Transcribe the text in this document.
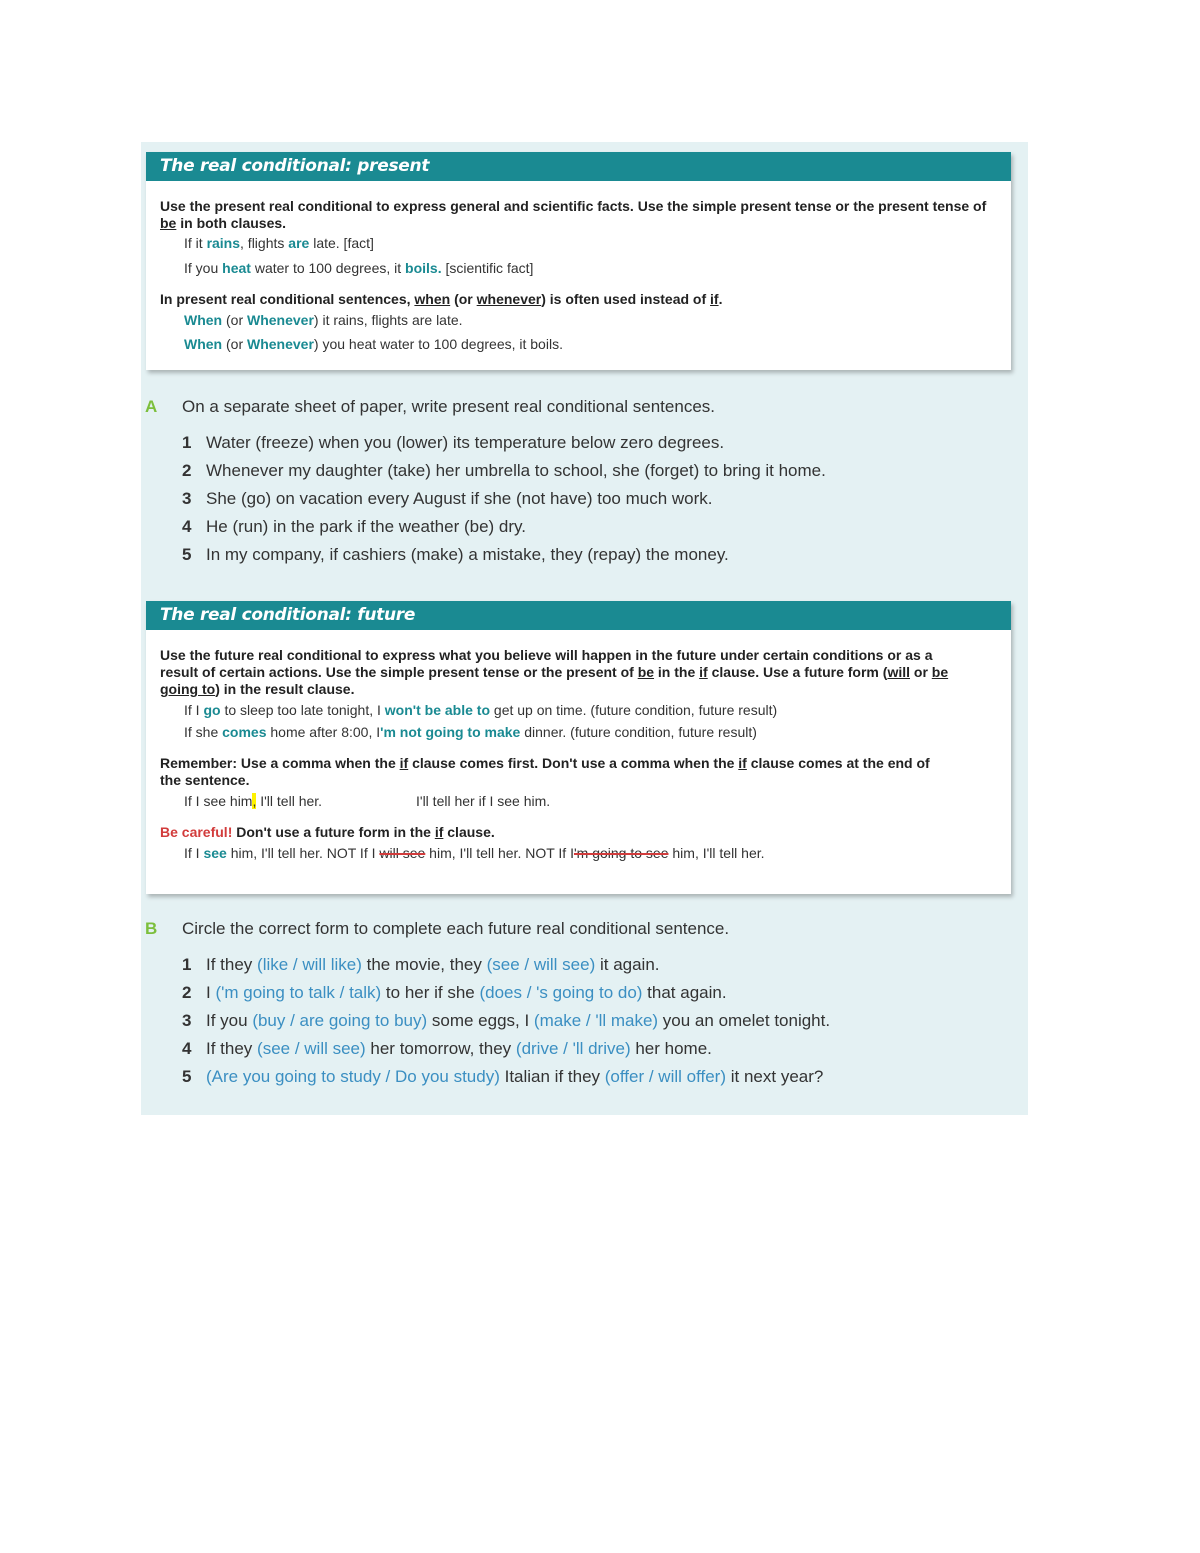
The real conditional: present

Use the present real conditional to express general and scientific facts. Use the simple present tense or the present tense of be in both clauses.

If it rains, flights are late. [fact]
If you heat water to 100 degrees, it boils. [scientific fact]

In present real conditional sentences, when (or whenever) is often used instead of if.

When (or Whenever) it rains, flights are late.
When (or Whenever) you heat water to 100 degrees, it boils.
A On a separate sheet of paper, write present real conditional sentences.
1 Water (freeze) when you (lower) its temperature below zero degrees.
2 Whenever my daughter (take) her umbrella to school, she (forget) to bring it home.
3 She (go) on vacation every August if she (not have) too much work.
4 He (run) in the park if the weather (be) dry.
5 In my company, if cashiers (make) a mistake, they (repay) the money.
The real conditional: future

Use the future real conditional to express what you believe will happen in the future under certain conditions or as a result of certain actions. Use the simple present tense or the present of be in the if clause. Use a future form (will or be going to) in the result clause.

If I go to sleep too late tonight, I won't be able to get up on time. (future condition, future result)
If she comes home after 8:00, I'm not going to make dinner. (future condition, future result)

Remember: Use a comma when the if clause comes first. Don't use a comma when the if clause comes at the end of the sentence.

If I see him, I'll tell her.	I'll tell her if I see him.

Be careful! Don't use a future form in the if clause.

If I see him, I'll tell her. NOT If I will see him, I'll tell her. NOT If I'm going to see him, I'll tell her.
B Circle the correct form to complete each future real conditional sentence.
1 If they (like / will like) the movie, they (see / will see) it again.
2 I ('m going to talk / talk) to her if she (does / 's going to do) that again.
3 If you (buy / are going to buy) some eggs, I (make / 'll make) you an omelet tonight.
4 If they (see / will see) her tomorrow, they (drive / 'll drive) her home.
5 (Are you going to study / Do you study) Italian if they (offer / will offer) it next year?
